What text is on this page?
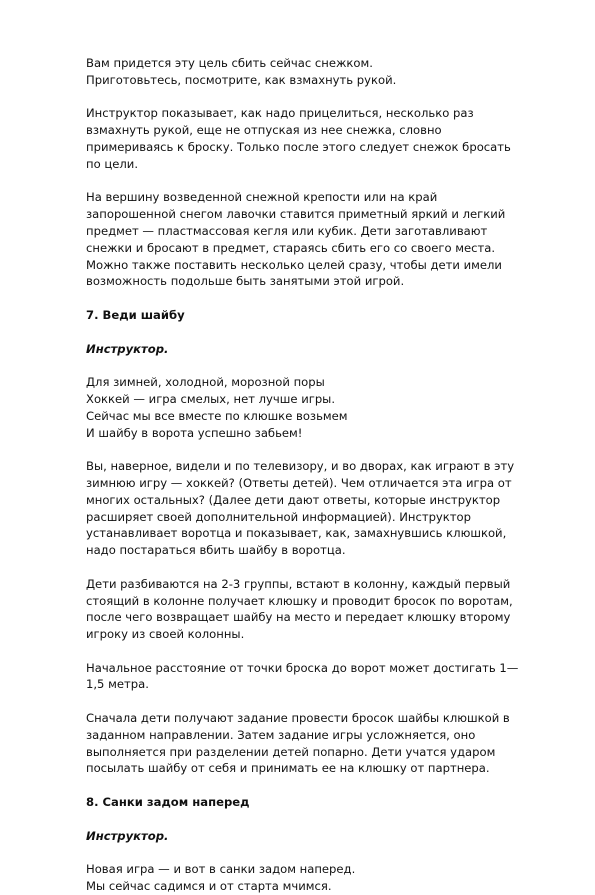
Вам придется эту цель сбить сейчас снежком.
Приготовьтесь, посмотрите, как взмахнуть рукой.
Инструктор показывает, как надо прицелиться, несколько раз
взмахнуть рукой, еще не отпуская из нее снежка, словно
примериваясь к броску. Только после этого следует снежок бросать
по цели.
На вершину возведенной снежной крепости или на край
запорошенной снегом лавочки ставится приметный яркий и легкий
предмет — пластмассовая кегля или кубик. Дети заготавливают
снежки и бросают в предмет, стараясь сбить его со своего места.
Можно также поставить несколько целей сразу, чтобы дети имели
возможность подольше быть занятыми этой игрой.
7. Веди шайбу
Инструктор.
Для зимней, холодной, морозной поры
Хоккей — игра смелых, нет лучше игры.
Сейчас мы все вместе по клюшке возьмем
И шайбу в ворота успешно забьем!
Вы, наверное, видели и по телевизору, и во дворах, как играют в эту
зимнюю игру — хоккей? (Ответы детей). Чем отличается эта игра от
многих остальных? (Далее дети дают ответы, которые инструктор
расширяет своей дополнительной информацией). Инструктор
устанавливает воротца и показывает, как, замахнувшись клюшкой,
надо постараться вбить шайбу в воротца.
Дети разбиваются на 2-3 группы, встают в колонну, каждый первый
стоящий в колонне получает клюшку и проводит бросок по воротам,
после чего возвращает шайбу на место и передает клюшку второму
игроку из своей колонны.
Начальное расстояние от точки броска до ворот может достигать 1—
1,5 метра.
Сначала дети получают задание провести бросок шайбы клюшкой в
заданном направлении. Затем задание игры усложняется, оно
выполняется при разделении детей попарно. Дети учатся ударом
посылать шайбу от себя и принимать ее на клюшку от партнера.
8. Санки задом наперед
Инструктор.
Новая игра — и вот в санки задом наперед.
Мы сейчас садимся и от старта мчимся.
